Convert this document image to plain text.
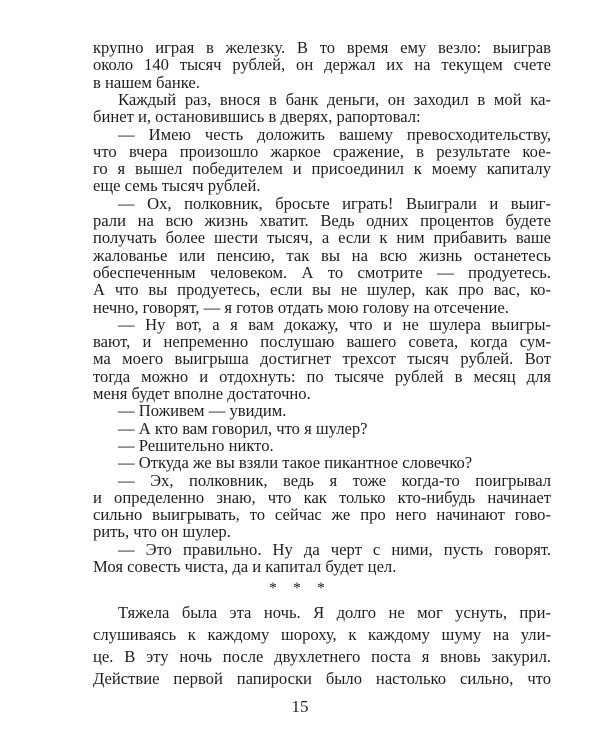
крупно играя в железку. В то время ему везло: выиграв
около 140 тысяч рублей, он держал их на текущем счете
в нашем банке.
Каждый раз, внося в банк деньги, он заходил в мой ка-
бинет и, остановившись в дверях, рапортовал:
— Имею честь доложить вашему превосходительству,
что вчера произошло жаркое сражение, в результате кое-
го я вышел победителем и присоединил к моему капиталу
еще семь тысяч рублей.
— Ох, полковник, бросьте играть! Выиграли и выиг-
рали на всю жизнь хватит. Ведь одних процентов будете
получать более шести тысяч, а если к ним прибавить ваше
жалованье или пенсию, так вы на всю жизнь останетесь
обеспеченным человеком. А то смотрите — продуетесь.
А что вы продуетесь, если вы не шулер, как про вас, ко-
нечно, говорят, — я готов отдать мою голову на отсечение.
— Ну вот, а я вам докажу, что и не шулера выигры-
вают, и непременно послушаю вашего совета, когда сум-
ма моего выигрыша достигнет трехсот тысяч рублей. Вот
тогда можно и отдохнуть: по тысяче рублей в месяц для
меня будет вполне достаточно.
— Поживем — увидим.
— А кто вам говорил, что я шулер?
— Решительно никто.
— Откуда же вы взяли такое пикантное словечко?
— Эх, полковник, ведь я тоже когда-то поигрывал
и определенно знаю, что как только кто-нибудь начинает
сильно выигрывать, то сейчас же про него начинают гово-
рить, что он шулер.
— Это правильно. Ну да черт с ними, пусть говорят.
Моя совесть чиста, да и капитал будет цел.
Тяжела была эта ночь. Я долго не мог уснуть, при-
слушиваясь к каждому шороху, к каждому шуму на ули-
це. В эту ночь после двухлетнего поста я вновь закурил.
Действие первой папироски было настолько сильно, что
* * *
15
